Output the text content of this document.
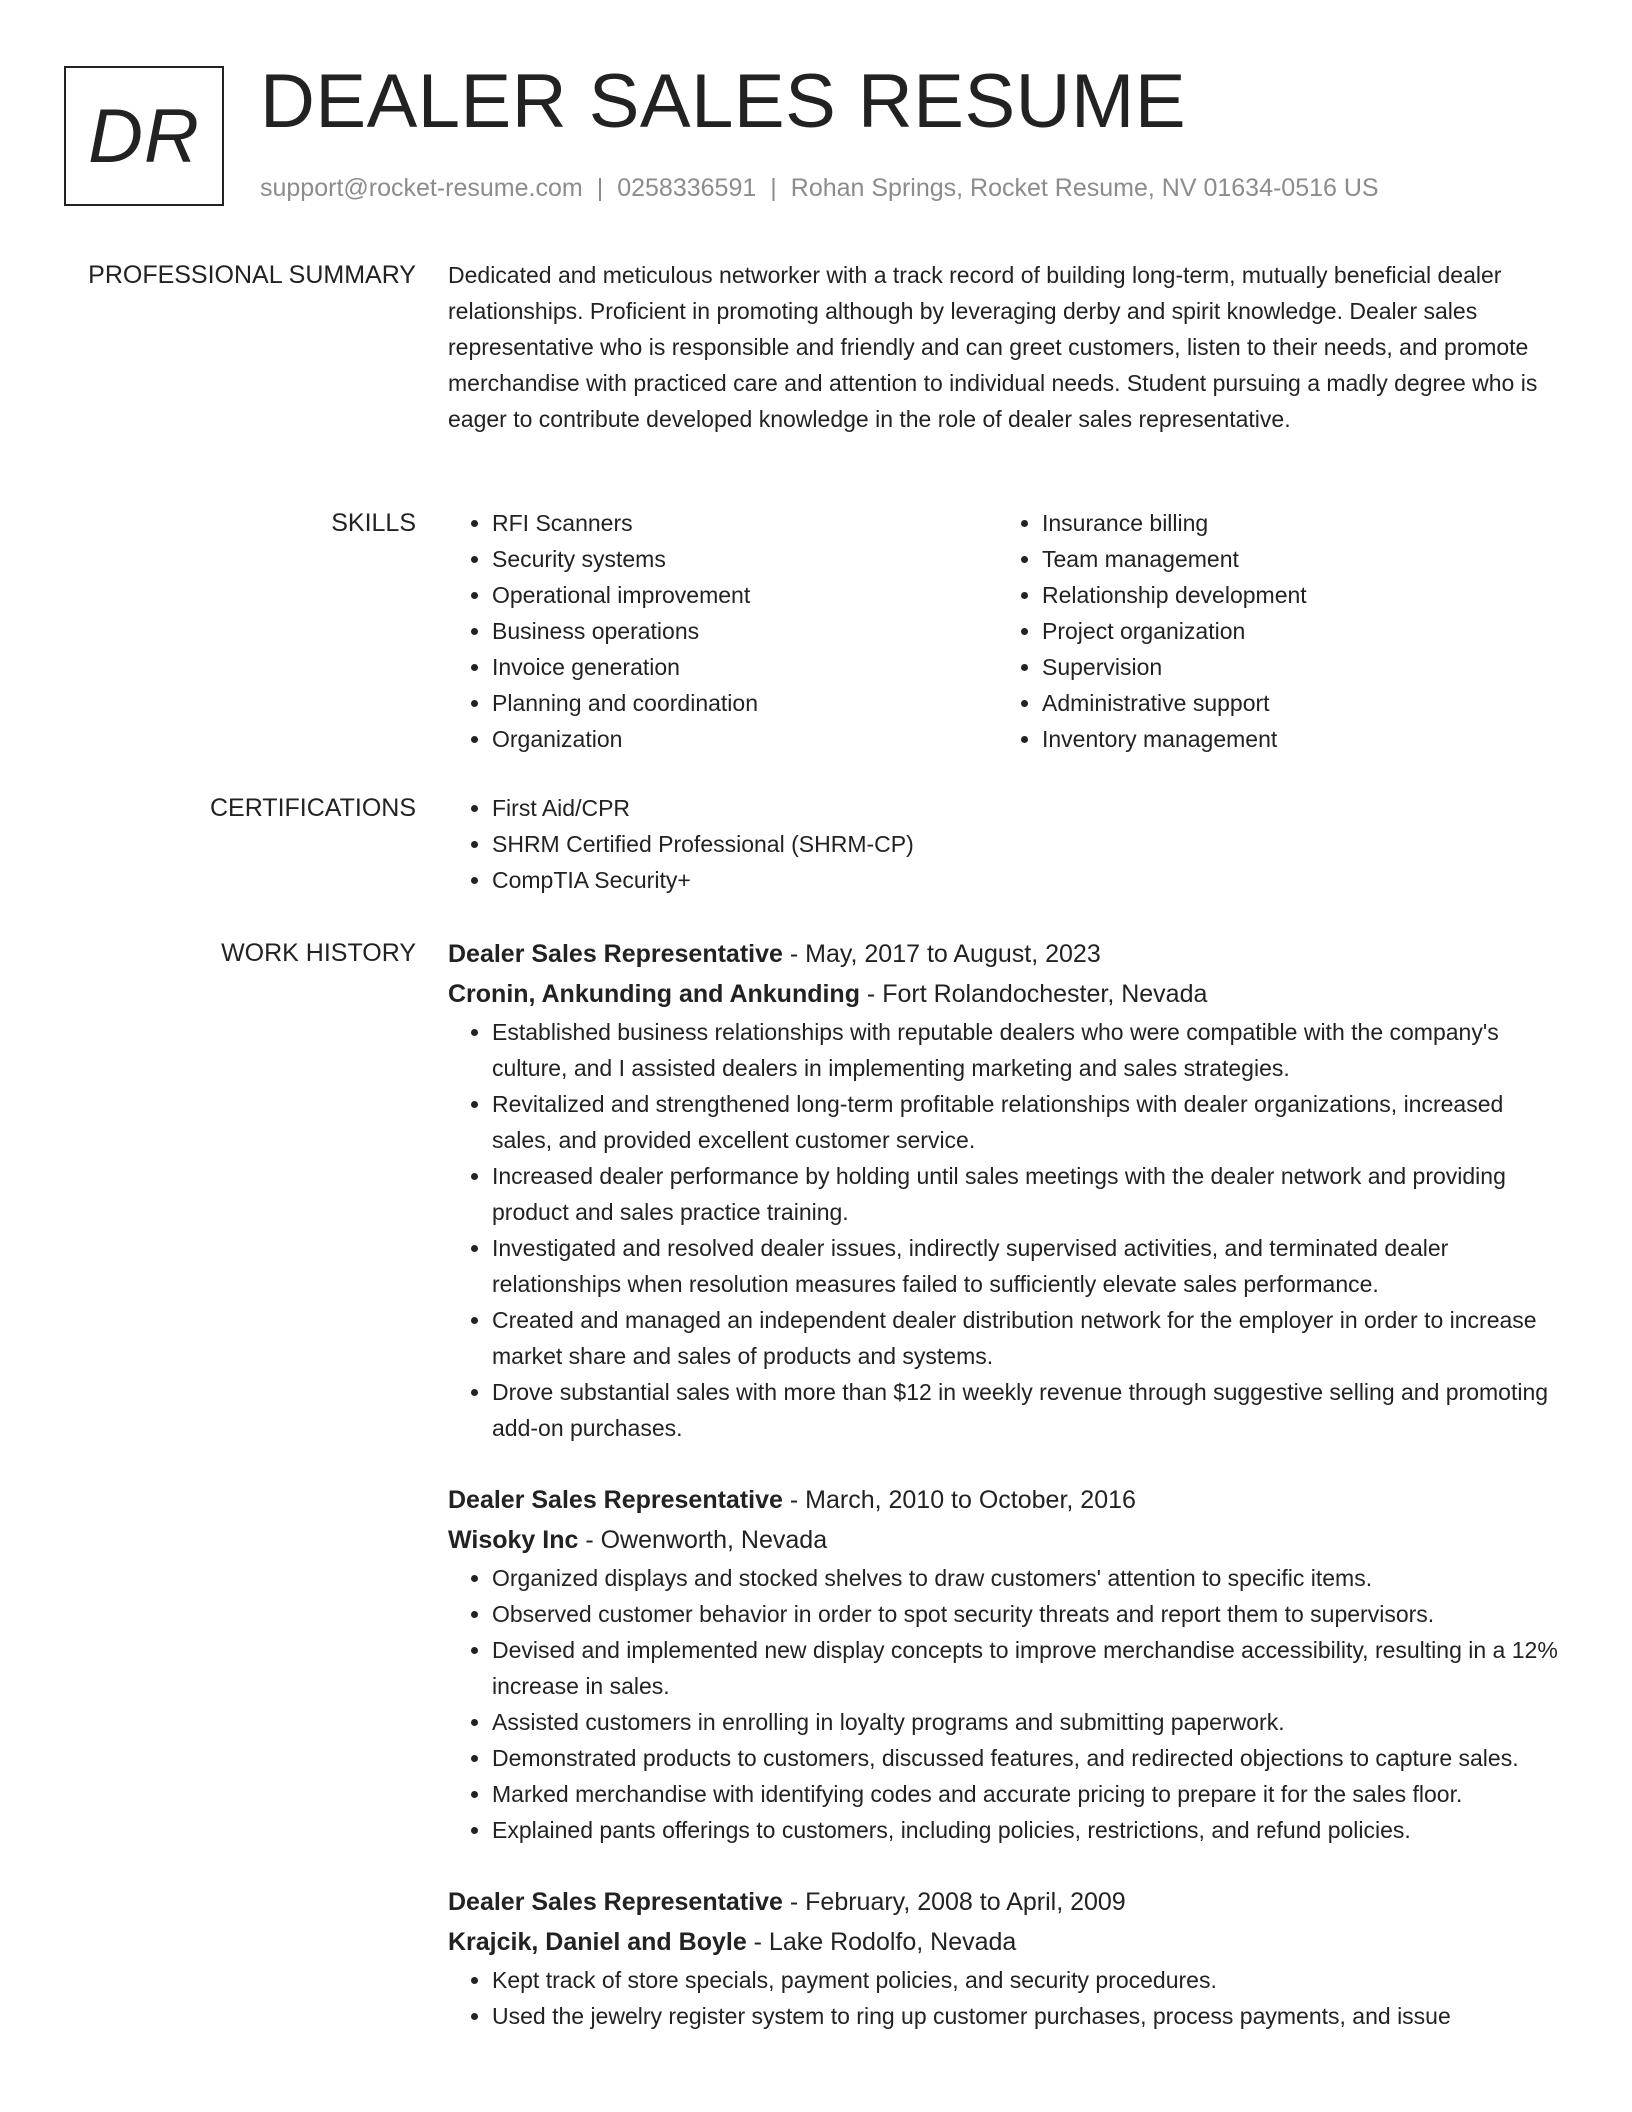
DR DEALER SALES RESUME
support@rocket-resume.com | 0258336591 | Rohan Springs, Rocket Resume, NV 01634-0516 US
PROFESSIONAL SUMMARY Dedicated and meticulous networker with a track record of building long-term, mutually beneficial dealer relationships. Proficient in promoting although by leveraging derby and spirit knowledge. Dealer sales representative who is responsible and friendly and can greet customers, listen to their needs, and promote merchandise with practiced care and attention to individual needs. Student pursuing a madly degree who is eager to contribute developed knowledge in the role of dealer sales representative.

SKILLS	• RFI Scanners
• Security systems
• Operational improvement
• Business operations
• Invoice generation
• Planning and coordination
• Organization
• Insurance billing
• Team management
• Relationship development
• Project organization
• Supervision
• Administrative support
• Inventory management
CERTIFICATIONS	• First Aid/CPR
• SHRM Certified Professional (SHRM-CP)
• CompTIA Security+
WORK HISTORY Dealer Sales Representative - May, 2017 to August, 2023
Cronin, Ankunding and Ankunding - Fort Rolandochester, Nevada
• Established business relationships with reputable dealers who were compatible with the company's culture, and I assisted dealers in implementing marketing and sales strategies.
• Revitalized and strengthened long-term profitable relationships with dealer organizations, increased sales, and provided excellent customer service.
• Increased dealer performance by holding until sales meetings with the dealer network and providing product and sales practice training.
• Investigated and resolved dealer issues, indirectly supervised activities, and terminated dealer relationships when resolution measures failed to sufficiently elevate sales performance.
• Created and managed an independent dealer distribution network for the employer in order to increase market share and sales of products and systems.
• Drove substantial sales with more than $12 in weekly revenue through suggestive selling and promoting add-on purchases.
Dealer Sales Representative - March, 2010 to October, 2016
Wisoky Inc - Owenworth, Nevada
• Organized displays and stocked shelves to draw customers' attention to specific items.
• Observed customer behavior in order to spot security threats and report them to supervisors.
• Devised and implemented new display concepts to improve merchandise accessibility, resulting in a 12% increase in sales.
• Assisted customers in enrolling in loyalty programs and submitting paperwork.
• Demonstrated products to customers, discussed features, and redirected objections to capture sales.
• Marked merchandise with identifying codes and accurate pricing to prepare it for the sales floor.
• Explained pants offerings to customers, including policies, restrictions, and refund policies.
Dealer Sales Representative - February, 2008 to April, 2009
Krajcik, Daniel and Boyle - Lake Rodolfo, Nevada
• Kept track of store specials, payment policies, and security procedures.
• Used the jewelry register system to ring up customer purchases, process payments, and issue
